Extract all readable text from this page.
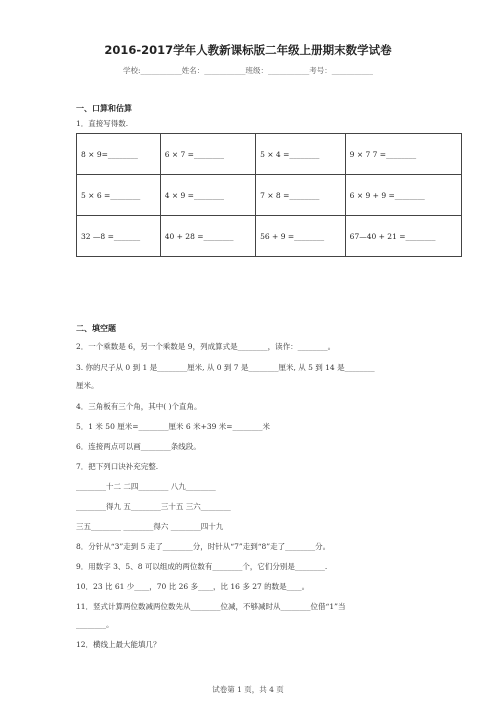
2016-2017学年人教新课标版二年级上册期末数学试卷
学校:___________姓名：___________班级：___________考号：___________
一、口算和估算
1．直接写得数.
8 × 9=________	6 × 7 =________	5 × 4 =________	9 × 7 7 =________
5 × 6 =________	4 × 9 =________	7 × 8 =________	6 × 9 + 9 =________
32 —8 =_______	40 + 28 =________	56 + 9 =________	67—40 + 21 =________
二、填空题
2．一个乘数是 6，另一个乘数是 9，列成算式是________，读作：________。
3. 你的尺子从 0 到 1 是________厘米, 从 0 到 7 是________厘米, 从 5 到 14 是________
厘米。
4．三角板有三个角，其中( )个直角。
5．1 米 50 厘米=________厘米 6 米+39 米=________米
6．连接两点可以画________条线段。
7．把下列口诀补充完整.
________十二 二四________ 八九________
________得九 五________三十五 三六________
三五________ ________得六 ________四十九
8．分针从“3”走到 5 走了________分，时针从“7”走到“8”走了________分。
9．用数字 3、5、8 可以组成的两位数有________个，它们分别是________.
10．23 比 61 少____，70 比 26 多____，比 16 多 27 的数是____。
11．竖式计算两位数减两位数先从________位减，不够减时从________位借“1”当
________。
12．横线上最大能填几？
试卷第 1 页，共 4 页
